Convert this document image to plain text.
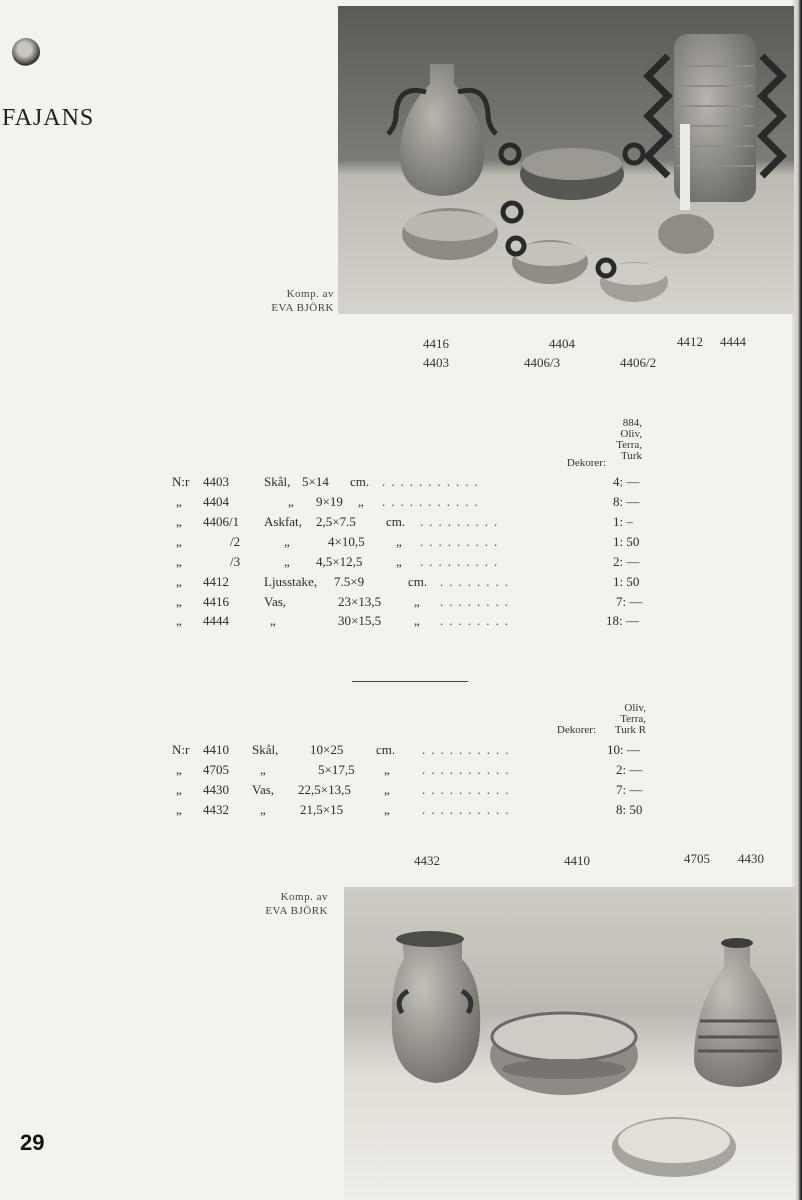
FAJANS
Komp. av
EVA BJÖRK
4416	4404	4412 4444
4403	4406/3	4406/2
884,
Oliv,
Terra,
Turk
Dekorer:
N:r 4403	Skål, 5×14 cm. ...........	4: —
„ 4404	„ 9×19 „ ...........	8: —
„ 4406/1 Askfat, 2,5×7.5 cm. .........	1: –
„	/2	„	4×10,5 „ .........	1: 50
„	/3	„ 4,5×12,5	„ .........	2: —
„ 4412	Ljusstake, 7.5×9	cm. ........	1: 50
„ 4416	Vas,	23×13,5	„ ........	7: —
„ 4444	„	30×15,5	„ ........	18: —
Oliv,
Terra,
Turk R
Dekorer:
N:r 4410 Skål, 10×25	cm. ..........	10: —
„ 4705 „	5×17,5 „ ..........	2: —
„ 4430 Vas, 22,5×13,5	„ ..........	7: —
„ 4432 „	21,5×15	„ ..........	8: 50
4432	4410	4705 4430
Komp. av
EVA BJÖRK
29
